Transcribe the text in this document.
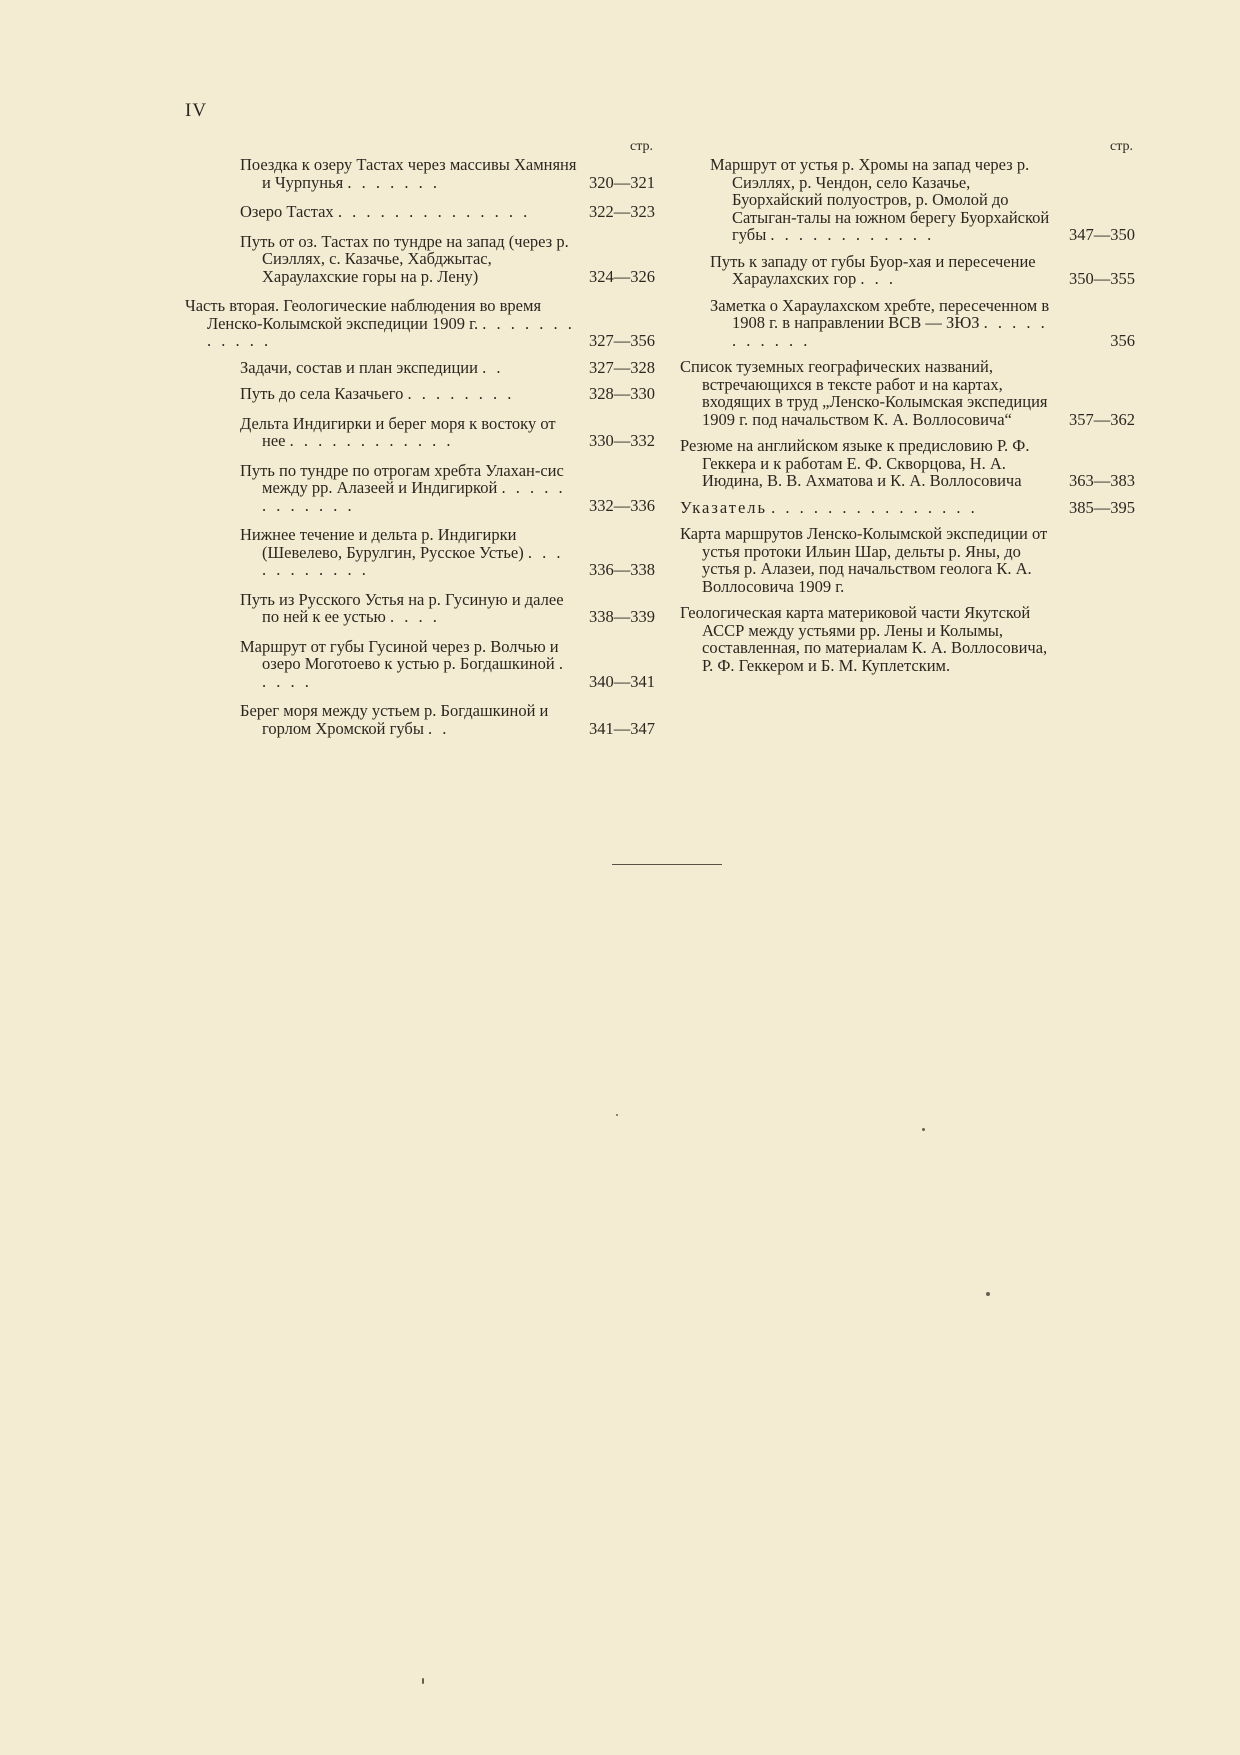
IV
стр.
Поездка к озеру Тастах через массивы Хамняня и Чурпунья . . . . . . .	320—321
Озеро Тастах . . . . . . . . . . . . . .	322—323
Путь от оз. Тастах по тундре на запад (через р. Сиэллях, с. Казачье, Хабджытас, Хараулахские горы на р. Лену)	324—326
Часть вторая. Геологические наблюдения во время Ленско-Колымской экспедиции 1909 г. . . . . . . . . . . . .	327—356
Задачи, состав и план экспедиции . .	327—328
Путь до села Казачьего . . . . . . . .	328—330
Дельта Индигирки и берег моря к востоку от нее . . . . . . . . . . . .	330—332
Путь по тундре по отрогам хребта Улахан-сис между рр. Алазеей и Индигиркой . . . . . . . . . . . .	332—336
Нижнее течение и дельта р. Индигирки (Шевелево, Бурулгин, Русское Устье) . . . . . . . . . . .	336—338
Путь из Русского Устья на р. Гусиную и далее по ней к ее устью . . . .	338—339
Маршрут от губы Гусиной через р. Волчью и озеро Моготоево к устью р. Богдашкиной . . . . .	340—341
Берег моря между устьем р. Богдашкиной и горлом Хромской губы . .	341—347
стр.
Маршрут от устья р. Хромы на запад через р. Сиэллях, р. Чендон, село Казачье, Буорхайский полуостров, р. Омолой до Сатыган-талы на южном берегу Буорхайской губы . . . . . . . . . . . .	347—350
Путь к западу от губы Буор-хая и пересечение Хараулахских гор . . .	350—355
Заметка о Хараулахском хребте, пересеченном в 1908 г. в направлении ВСВ — ЗЮЗ . . . . . . . . . . .	356
Список туземных географических названий, встречающихся в тексте работ и на картах, входящих в труд „Ленско-Колымская экспедиция 1909 г. под начальством К. А. Воллосовича“	357—362
Резюме на английском языке к предисловию Р. Ф. Геккера и к работам Е. Ф. Скворцова, Н. А. Июдина, В. В. Ахматова и К. А. Воллосовича	363—383
Указатель . . . . . . . . . . . . . . .	385—395
Карта маршрутов Ленско-Колымской экспедиции от устья протоки Ильин Шар, дельты р. Яны, до устья р. Алазеи, под начальством геолога К. А. Воллосовича 1909 г.
Геологическая карта материковой части Якутской АССР между устьями рр. Лены и Колымы, составленная, по материалам К. А. Воллосовича, Р. Ф. Геккером и Б. М. Куплетским.
